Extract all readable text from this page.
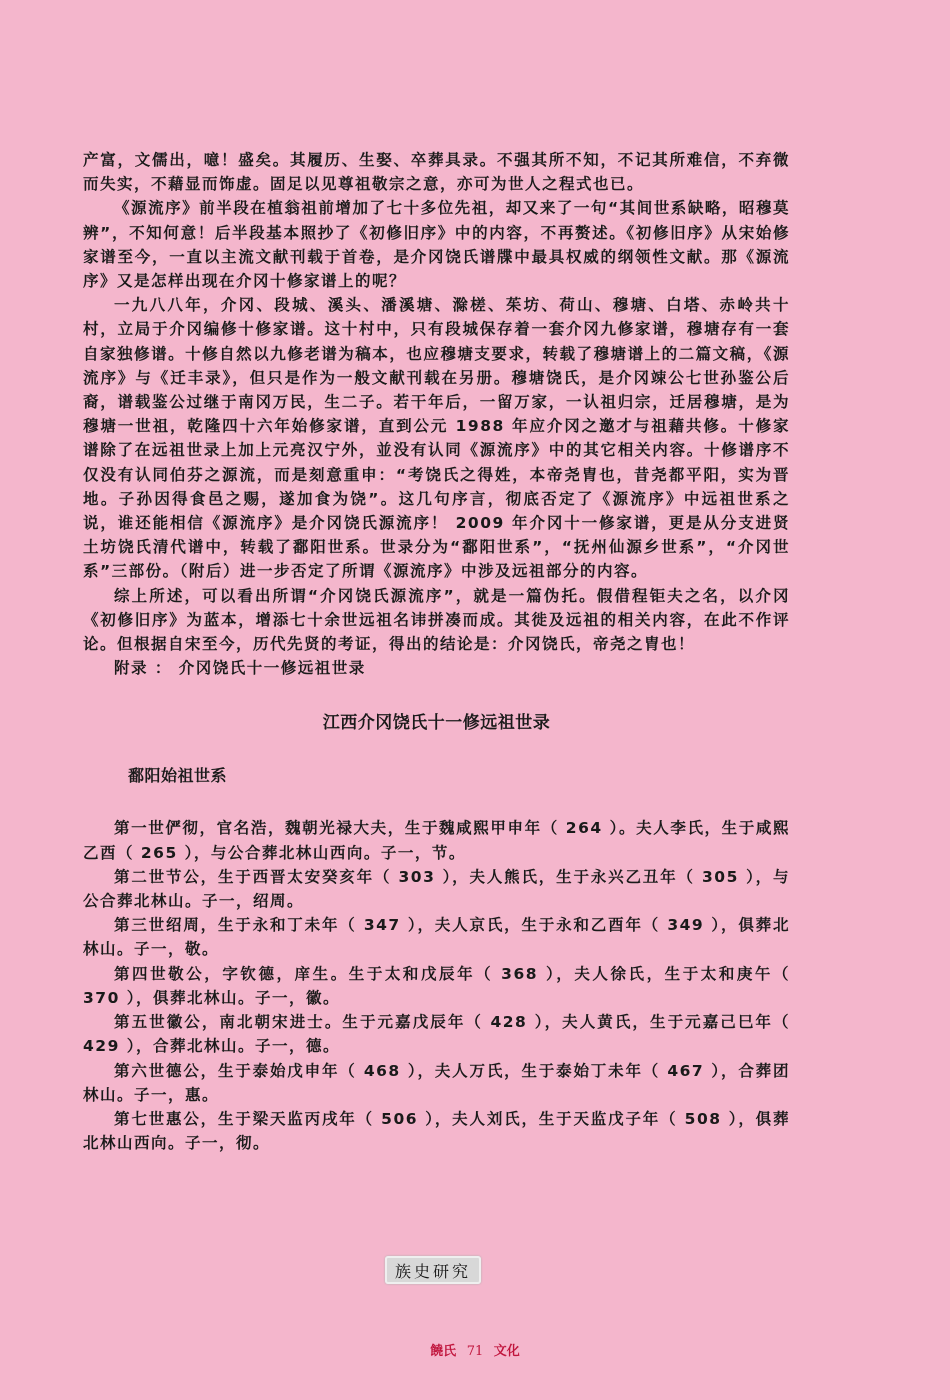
产富，文儒出，噫！盛矣。其履历、生娶、卒葬具录。不强其所不知，不记其所难信，不弃微而失实，不藉显而饰虚。固足以见尊祖敬宗之意，亦可为世人之程式也已。

《源流序》前半段在植翁祖前增加了七十多位先祖，却又来了一句“其间世系缺略，昭穆莫辨”，不知何意！后半段基本照抄了《初修旧序》中的内容，不再赘述。《初修旧序》从宋始修家谱至今，一直以主流文献刊载于首卷，是介冈饶氏谱牒中最具权威的纲领性文献。那《源流序》又是怎样出现在介冈十修家谱上的呢？

一九八八年，介冈、段城、溪头、潘溪塘、滁槎、茱坊、荷山、穆塘、白塔、赤岭共十村，立局于介冈编修十修家谱。这十村中，只有段城保存着一套介冈九修家谱，穆塘存有一套自家独修谱。十修自然以九修老谱为稿本，也应穆塘支要求，转载了穆塘谱上的二篇文稿，《源流序》与《迁丰录》，但只是作为一般文献刊载在另册。穆塘饶氏，是介冈竦公七世孙鉴公后裔，谱载鉴公过继于南冈万民，生二子。若干年后，一留万家，一认祖归宗，迁居穆塘，是为穆塘一世祖，乾隆四十六年始修家谱，直到公元 1988 年应介冈之邀才与祖藉共修。十修家谱除了在远祖世录上加上元亮汉宁外，並没有认同《源流序》中的其它相关内容。十修谱序不仅没有认同伯芬之源流，而是刻意重申：“考饶氏之得姓，本帝尧胄也，昔尧都平阳，实为晋地。子孙因得食邑之赐，遂加食为饶”。这几句序言，彻底否定了《源流序》中远祖世系之说，谁还能相信《源流序》是介冈饶氏源流序！ 2009 年介冈十一修家谱，更是从分支进贤土坊饶氏清代谱中，转载了鄱阳世系。世录分为“鄱阳世系”，“抚州仙源乡世系”，“介冈世系”三部份。（附后）进一步否定了所谓《源流序》中涉及远祖部分的内容。

综上所述，可以看出所谓“介冈饶氏源流序”，就是一篇伪托。假借程钜夫之名，以介冈《初修旧序》为蓝本，增添七十余世远祖名讳拼凑而成。其徙及远祖的相关内容，在此不作评论。但根据自宋至今，历代先贤的考证，得出的结论是：介冈饶氏，帝尧之胄也！

附录 ： 介冈饶氏十一修远祖世录

江西介冈饶氏十一修远祖世录
鄱阳始祖世系

第一世俨彻，官名浩，魏朝光禄大夫，生于魏咸熙甲申年（ 264 ）。夫人李氏，生于咸熙乙酉（ 265 ），与公合葬北林山西向。子一，节。

第二世节公，生于西晋太安癸亥年（ 303 ），夫人熊氏，生于永兴乙丑年（ 305 ），与公合葬北林山。子一，绍周。

第三世绍周，生于永和丁未年（ 347 ），夫人京氏，生于永和乙酉年（ 349 ），俱葬北林山。子一，敬。

第四世敬公，字钦德，庠生。生于太和戊辰年（ 368 ），夫人徐氏，生于太和庚午（ 370 ），俱葬北林山。子一，徽。

第五世徽公，南北朝宋进士。生于元嘉戊辰年（ 428 ），夫人黄氏，生于元嘉己巳年（ 429 ），合葬北林山。子一，德。

第六世德公，生于泰始戊申年（ 468 ），夫人万氏，生于泰始丁未年（ 467 ），合葬团林山。子一，惠。

第七世惠公，生于梁天监丙戌年（ 506 ），夫人刘氏，生于天监戊子年（ 508 ），俱葬北林山西向。子一，彻。

族史研究
饒氏 71 文化
